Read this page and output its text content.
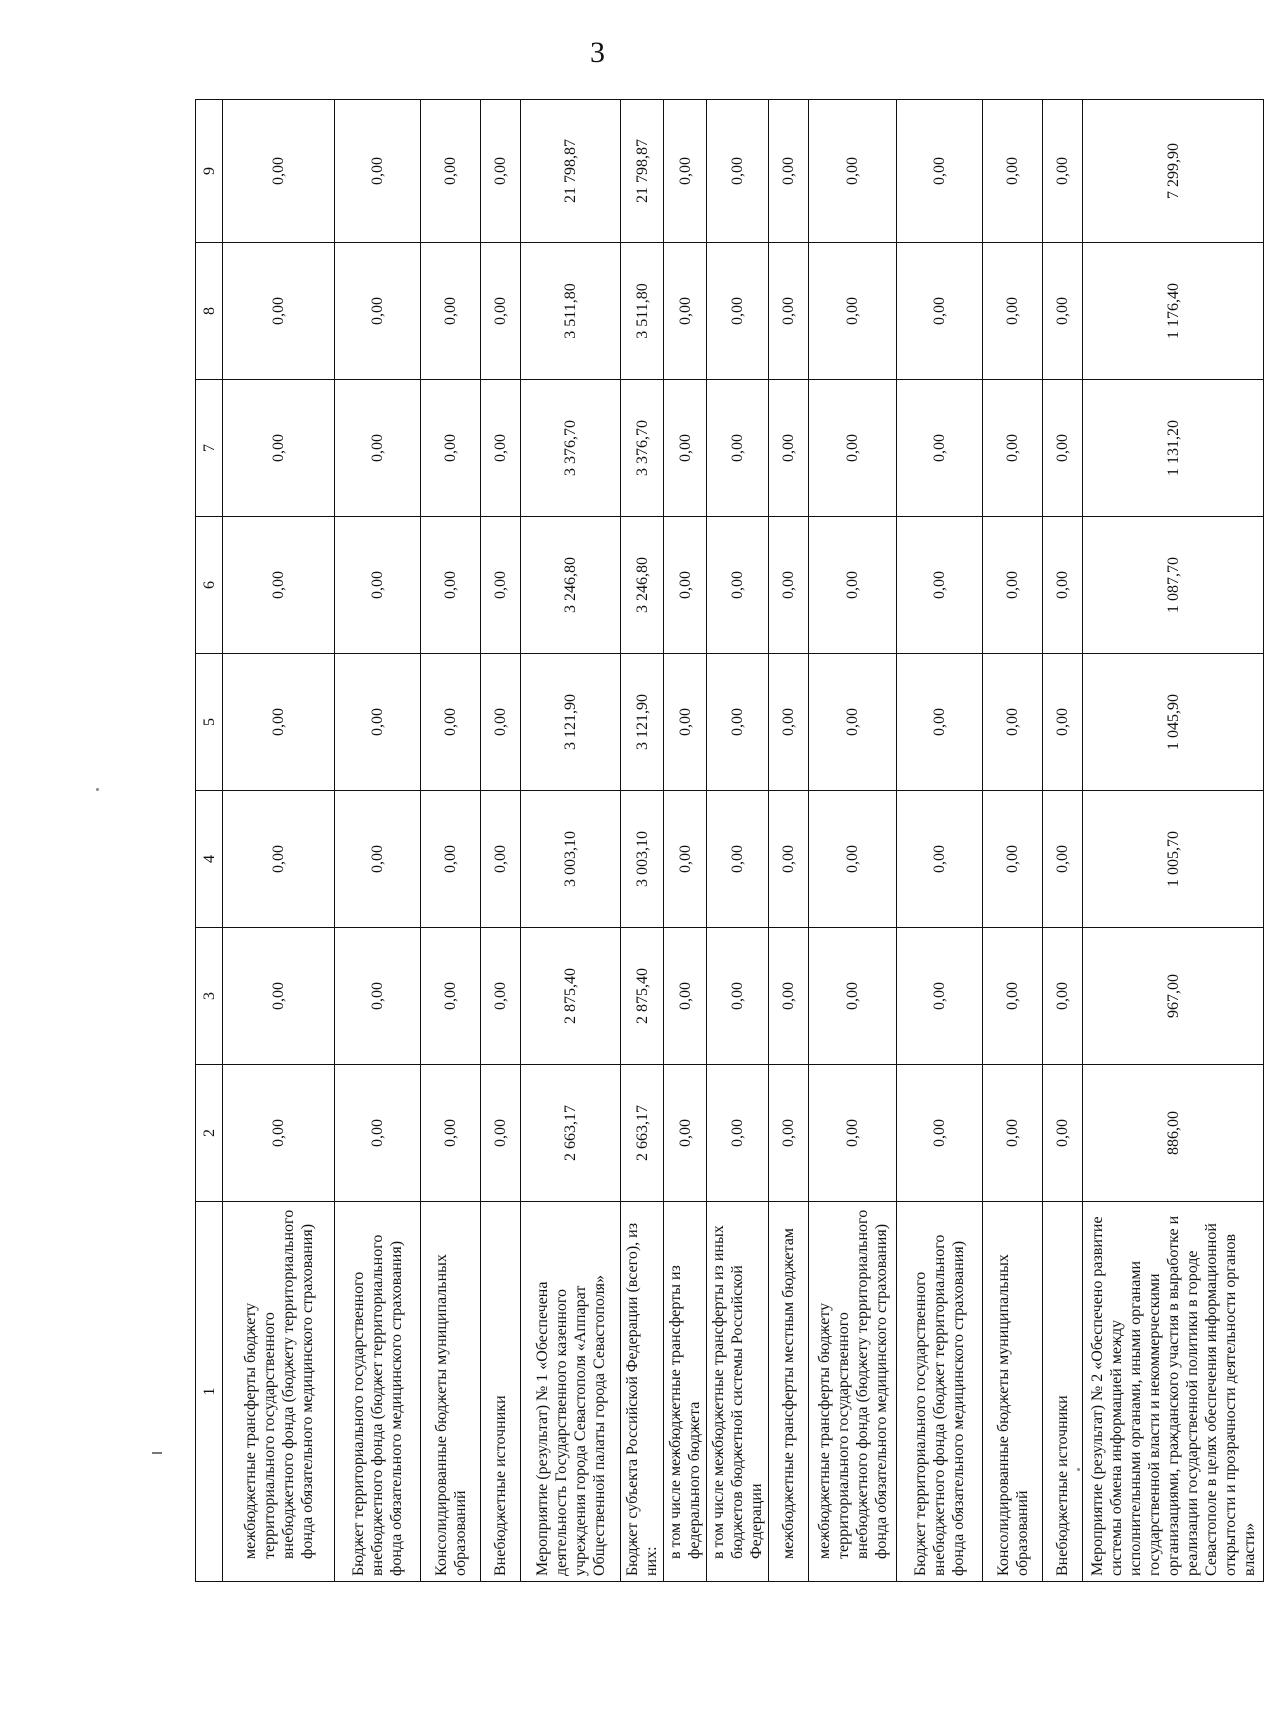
3
1	2	3	4	5	6	7	8	9
межбюджетные трансферты бюджету территориального государственного внебюджетного фонда (бюджету территориального фонда обязательного медицинского страхования)	0,00	0,00	0,00	0,00	0,00	0,00	0,00	0,00
Бюджет территориального государственного внебюджетного фонда (бюджет территориального фонда обязательного медицинского страхования)	0,00	0,00	0,00	0,00	0,00	0,00	0,00	0,00
Консолидированные бюджеты муниципальных образований	0,00	0,00	0,00	0,00	0,00	0,00	0,00	0,00
Внебюджетные источники	0,00	0,00	0,00	0,00	0,00	0,00	0,00	0,00
Мероприятие (результат) № 1 «Обеспечена деятельность Государственного казенного учреждения города Севастополя «Аппарат Общественной палаты города Севастополя»	2 663,17	2 875,40	3 003,10	3 121,90	3 246,80	3 376,70	3 511,80	21 798,87
Бюджет субъекта Российской Федерации (всего), из них:	2 663,17	2 875,40	3 003,10	3 121,90	3 246,80	3 376,70	3 511,80	21 798,87
в том числе межбюджетные трансферты из федерального бюджета	0,00	0,00	0,00	0,00	0,00	0,00	0,00	0,00
в том числе межбюджетные трансферты из иных бюджетов бюджетной системы Российской Федерации	0,00	0,00	0,00	0,00	0,00	0,00	0,00	0,00
межбюджетные трансферты местным бюджетам	0,00	0,00	0,00	0,00	0,00	0,00	0,00	0,00
межбюджетные трансферты бюджету территориального государственного внебюджетного фонда (бюджету территориального фонда обязательного медицинского страхования)	0,00	0,00	0,00	0,00	0,00	0,00	0,00	0,00
Бюджет территориального государственного внебюджетного фонда (бюджет территориального фонда обязательного медицинского страхования)	0,00	0,00	0,00	0,00	0,00	0,00	0,00	0,00
Консолидированные бюджеты муниципальных образований	0,00	0,00	0,00	0,00	0,00	0,00	0,00	0,00
Внебюджетные источники	0,00	0,00	0,00	0,00	0,00	0,00	0,00	0,00
Мероприятие (результат) № 2 «Обеспечено развитие системы обмена информацией между исполнительными органами, иными органами государственной власти и некоммерческими организациями, гражданского участия в выработке и реализации государственной политики в городе Севастополе в целях обеспечения информационной открытости и прозрачности деятельности органов власти»	886,00	967,00	1 005,70	1 045,90	1 087,70	1 131,20	1 176,40	7 299,90
